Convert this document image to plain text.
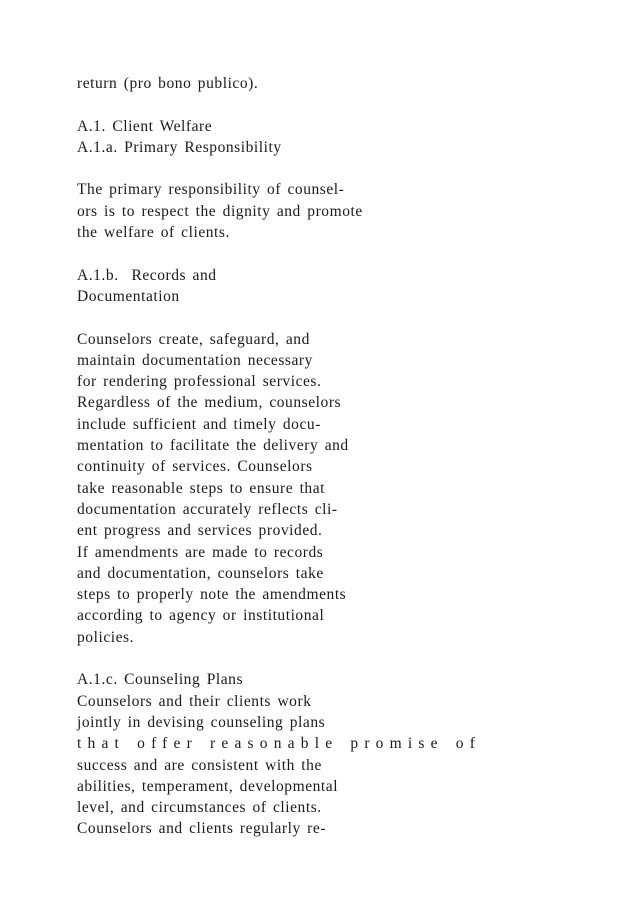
return (pro bono publico).
A.1. Client Welfare
A.1.a. Primary Responsibility
The primary responsibility of counsel-
ors is to respect the dignity and promote
the welfare of clients.
A.1.b.  Records and
Documentation
Counselors create, safeguard, and
maintain documentation necessary
for rendering professional services.
Regardless of the medium, counselors
include sufficient and timely docu-
mentation to facilitate the delivery and
continuity of services. Counselors
take reasonable steps to ensure that
documentation accurately reflects cli-
ent progress and services provided.
If amendments are made to records
and documentation, counselors take
steps to properly note the amendments
according to agency or institutional
policies.
A.1.c. Counseling Plans
Counselors and their clients work
jointly in devising counseling plans
that offer reasonable promise of
success and are consistent with the
abilities, temperament, developmental
level, and circumstances of clients.
Counselors and clients regularly re-
